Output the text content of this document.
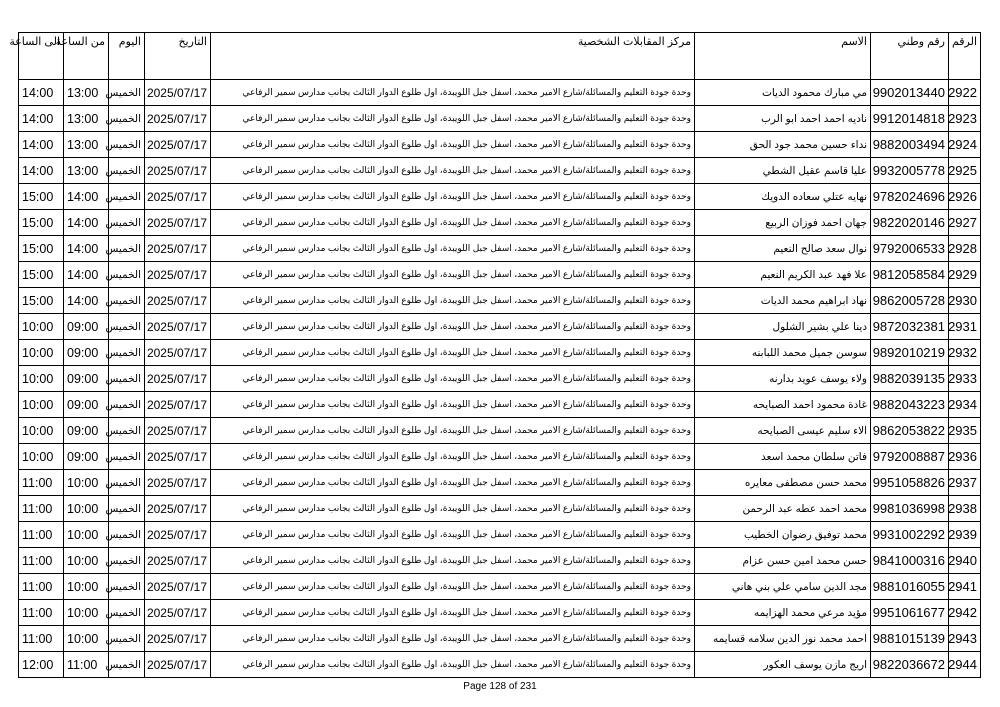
الرقم	رقم وطني	الاسم	مركز المقابلات الشخصية	التاريخ	اليوم	من الساعة	الى الساعة
2922	9902013440	مي مبارك محمود الديات	وحدة جودة التعليم والمسائلة/شارع الامير محمد، اسفل جبل اللويبدة، اول طلوع الدوار الثالث بجانب مدارس سمير الرفاعي	2025/07/17	الخميس	13:00	14:00
2923	9912014818	ناديه احمد احمد ابو الرب	وحدة جودة التعليم والمسائلة/شارع الامير محمد، اسفل جبل اللويبدة، اول طلوع الدوار الثالث بجانب مدارس سمير الرفاعي	2025/07/17	الخميس	13:00	14:00
2924	9882003494	نداء حسين محمد جود الحق	وحدة جودة التعليم والمسائلة/شارع الامير محمد، اسفل جبل اللويبدة، اول طلوع الدوار الثالث بجانب مدارس سمير الرفاعي	2025/07/17	الخميس	13:00	14:00
2925	9932005778	عليا قاسم عقيل الشطي	وحدة جودة التعليم والمسائلة/شارع الامير محمد، اسفل جبل اللويبدة، اول طلوع الدوار الثالث بجانب مدارس سمير الرفاعي	2025/07/17	الخميس	13:00	14:00
2926	9782024696	نهايه عتلي سعاده الدويك	وحدة جودة التعليم والمسائلة/شارع الامير محمد، اسفل جبل اللويبدة، اول طلوع الدوار الثالث بجانب مدارس سمير الرفاعي	2025/07/17	الخميس	14:00	15:00
2927	9822020146	جهان احمد فوزان الربيع	وحدة جودة التعليم والمسائلة/شارع الامير محمد، اسفل جبل اللويبدة، اول طلوع الدوار الثالث بجانب مدارس سمير الرفاعي	2025/07/17	الخميس	14:00	15:00
2928	9792006533	نوال سعد صالح النعيم	وحدة جودة التعليم والمسائلة/شارع الامير محمد، اسفل جبل اللويبدة، اول طلوع الدوار الثالث بجانب مدارس سمير الرفاعي	2025/07/17	الخميس	14:00	15:00
2929	9812058584	علا فهد عبد الكريم النعيم	وحدة جودة التعليم والمسائلة/شارع الامير محمد، اسفل جبل اللويبدة، اول طلوع الدوار الثالث بجانب مدارس سمير الرفاعي	2025/07/17	الخميس	14:00	15:00
2930	9862005728	نهاد ابراهيم محمد الديات	وحدة جودة التعليم والمسائلة/شارع الامير محمد، اسفل جبل اللويبدة، اول طلوع الدوار الثالث بجانب مدارس سمير الرفاعي	2025/07/17	الخميس	14:00	15:00
2931	9872032381	دينا علي بشير الشلول	وحدة جودة التعليم والمسائلة/شارع الامير محمد، اسفل جبل اللويبدة، اول طلوع الدوار الثالث بجانب مدارس سمير الرفاعي	2025/07/17	الخميس	09:00	10:00
2932	9892010219	سوسن جميل محمد اللبابنه	وحدة جودة التعليم والمسائلة/شارع الامير محمد، اسفل جبل اللويبدة، اول طلوع الدوار الثالث بجانب مدارس سمير الرفاعي	2025/07/17	الخميس	09:00	10:00
2933	9882039135	ولاء يوسف عويد بدارنه	وحدة جودة التعليم والمسائلة/شارع الامير محمد، اسفل جبل اللويبدة، اول طلوع الدوار الثالث بجانب مدارس سمير الرفاعي	2025/07/17	الخميس	09:00	10:00
2934	9882043223	غادة محمود احمد الصبايحه	وحدة جودة التعليم والمسائلة/شارع الامير محمد، اسفل جبل اللويبدة، اول طلوع الدوار الثالث بجانب مدارس سمير الرفاعي	2025/07/17	الخميس	09:00	10:00
2935	9862053822	الاء سليم عيسى الصبايحه	وحدة جودة التعليم والمسائلة/شارع الامير محمد، اسفل جبل اللويبدة، اول طلوع الدوار الثالث بجانب مدارس سمير الرفاعي	2025/07/17	الخميس	09:00	10:00
2936	9792008887	فاتن سلطان محمد اسعد	وحدة جودة التعليم والمسائلة/شارع الامير محمد، اسفل جبل اللويبدة، اول طلوع الدوار الثالث بجانب مدارس سمير الرفاعي	2025/07/17	الخميس	09:00	10:00
2937	9951058826	محمد حسن مصطفى معايره	وحدة جودة التعليم والمسائلة/شارع الامير محمد، اسفل جبل اللويبدة، اول طلوع الدوار الثالث بجانب مدارس سمير الرفاعي	2025/07/17	الخميس	10:00	11:00
2938	9981036998	محمد احمد عطه عبد الرحمن	وحدة جودة التعليم والمسائلة/شارع الامير محمد، اسفل جبل اللويبدة، اول طلوع الدوار الثالث بجانب مدارس سمير الرفاعي	2025/07/17	الخميس	10:00	11:00
2939	9931002292	محمد توفيق رضوان الخطيب	وحدة جودة التعليم والمسائلة/شارع الامير محمد، اسفل جبل اللويبدة، اول طلوع الدوار الثالث بجانب مدارس سمير الرفاعي	2025/07/17	الخميس	10:00	11:00
2940	9841000316	حسن محمد امين حسن عزام	وحدة جودة التعليم والمسائلة/شارع الامير محمد، اسفل جبل اللويبدة، اول طلوع الدوار الثالث بجانب مدارس سمير الرفاعي	2025/07/17	الخميس	10:00	11:00
2941	9881016055	مجد الدين سامي علي بني هاني	وحدة جودة التعليم والمسائلة/شارع الامير محمد، اسفل جبل اللويبدة، اول طلوع الدوار الثالث بجانب مدارس سمير الرفاعي	2025/07/17	الخميس	10:00	11:00
2942	9951061677	مؤيد مرعي محمد الهزايمه	وحدة جودة التعليم والمسائلة/شارع الامير محمد، اسفل جبل اللويبدة، اول طلوع الدوار الثالث بجانب مدارس سمير الرفاعي	2025/07/17	الخميس	10:00	11:00
2943	9881015139	احمد محمد نور الدين سلامه قسايمه	وحدة جودة التعليم والمسائلة/شارع الامير محمد، اسفل جبل اللويبدة، اول طلوع الدوار الثالث بجانب مدارس سمير الرفاعي	2025/07/17	الخميس	10:00	11:00
2944	9822036672	اريج مازن يوسف العكور	وحدة جودة التعليم والمسائلة/شارع الامير محمد، اسفل جبل اللويبدة، اول طلوع الدوار الثالث بجانب مدارس سمير الرفاعي	2025/07/17	الخميس	11:00	12:00
Page 128 of 231
